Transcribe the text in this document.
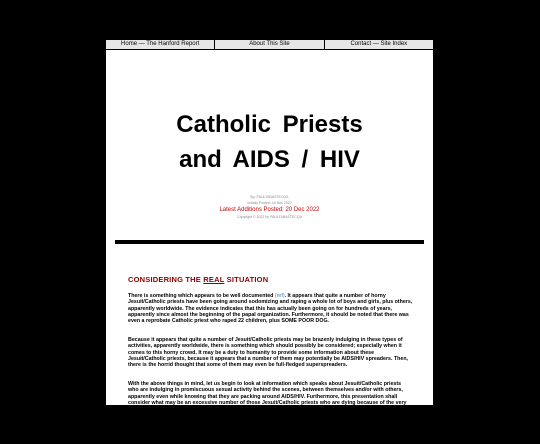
Home — The Hanford Report	About This Site	Contact — Site Index
Catholic Priests
and AIDS / HIV
By: PAULTABASTECQA
Initially Posted: 16 Dec 2022
Latest Additions Posted: 20 Dec 2022
Copyright © 2022 by PAULTABASTECQA
CONSIDERING THE REAL SITUATION

There is something which appears to be well documented (ref). It appears that quite a number of horny Jesuit/Catholic priests have been going around sodomizing and raping a whole lot of boys and girls, plus others, apparently worldwide. The evidence indicates that this has actually been going on for hundreds of years, apparently since almost the beginning of the papal organization. Furthermore, it should be noted that there was even a reprobate Catholic priest who raped 22 children, plus SOME POOR DOG.

Because it appears that quite a number of Jesuit/Catholic priests may be brazenly indulging in these types of activities, apparently worldwide, there is something which should possibly be considered; especially when it comes to this horny crowd. It may be a duty to humanity to provide some information about these Jesuit/Catholic priests, because it appears that a number of them may potentially be AIDS/HIV spreaders. Then, there is the horrid thought that some of them may even be full-fledged superspreaders.

With the above things in mind, let us begin to look at information which speaks about Jesuit/Catholic priests who are indulging in promiscuous sexual activity behind the scenes, between themselves and/or with others, apparently even while knowing that they are packing around AIDS/HIV. Furthermore, this presentation shall consider what may be an excessive number of those Jesuit/Catholic priests who are dying because of the very priestly AIDS/HIV plague. And, this is just the part which is known!

When it comes to sexual abuse and child-rape within the papal organization, there are some things which people should know. This is not just some more recent problem in this child-rape-facilitating organization. The history of abuse and child-rape in this apparently diabolical organization has been well documented.
